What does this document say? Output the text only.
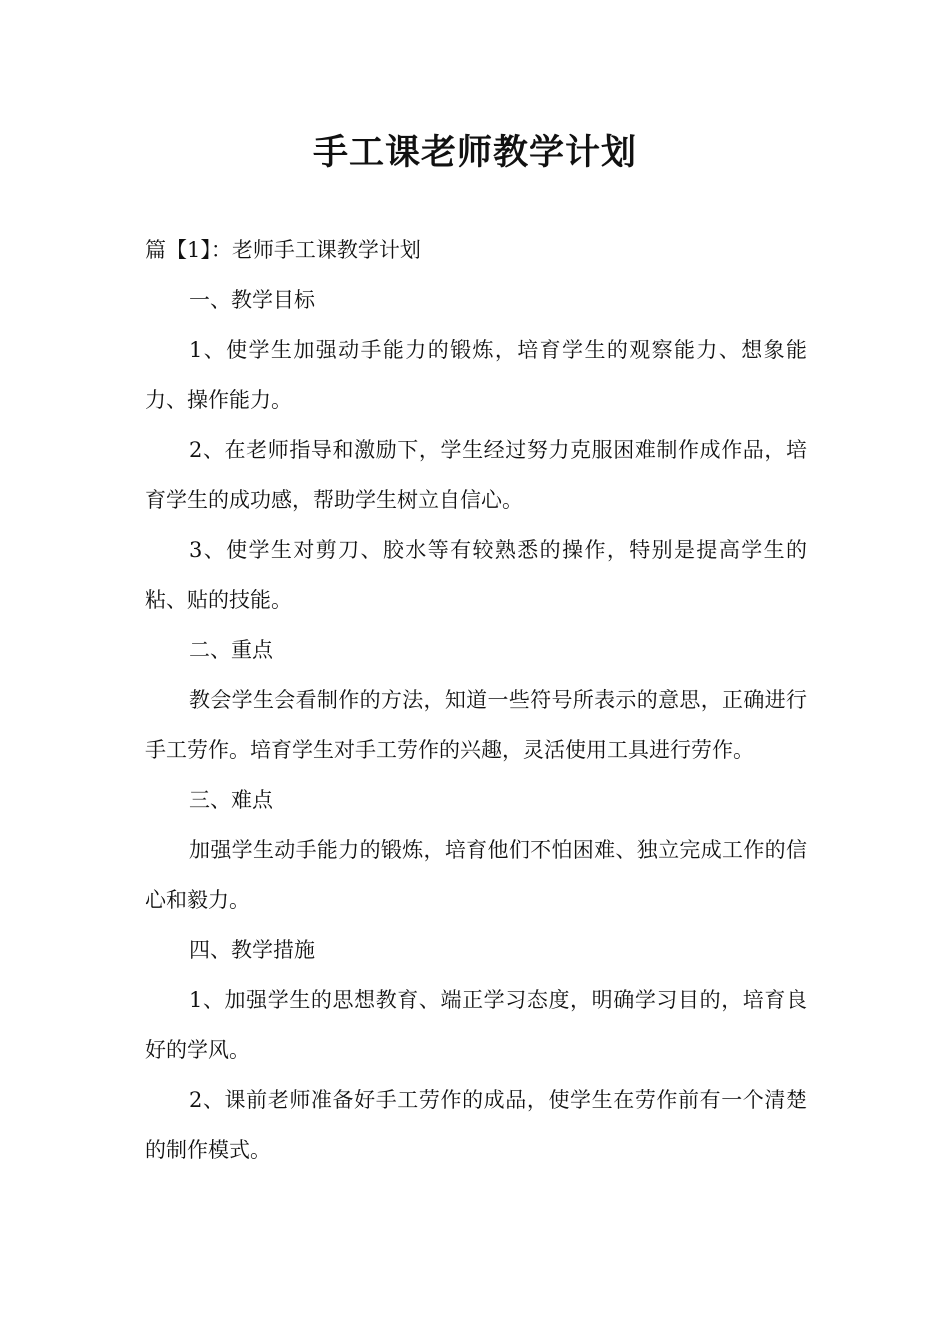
手工课老师教学计划

篇【1】：老师手工课教学计划

一、教学目标

1、使学生加强动手能力的锻炼，培育学生的观察能力、想象能力、操作能力。

2、在老师指导和激励下，学生经过努力克服困难制作成作品，培育学生的成功感，帮助学生树立自信心。

3、使学生对剪刀、胶水等有较熟悉的操作，特别是提高学生的粘、贴的技能。

二、重点

教会学生会看制作的方法，知道一些符号所表示的意思，正确进行手工劳作。培育学生对手工劳作的兴趣，灵活使用工具进行劳作。

三、难点

加强学生动手能力的锻炼，培育他们不怕困难、独立完成工作的信心和毅力。

四、教学措施

1、加强学生的思想教育、端正学习态度，明确学习目的，培育良好的学风。

2、课前老师准备好手工劳作的成品，使学生在劳作前有一个清楚的制作模式。
